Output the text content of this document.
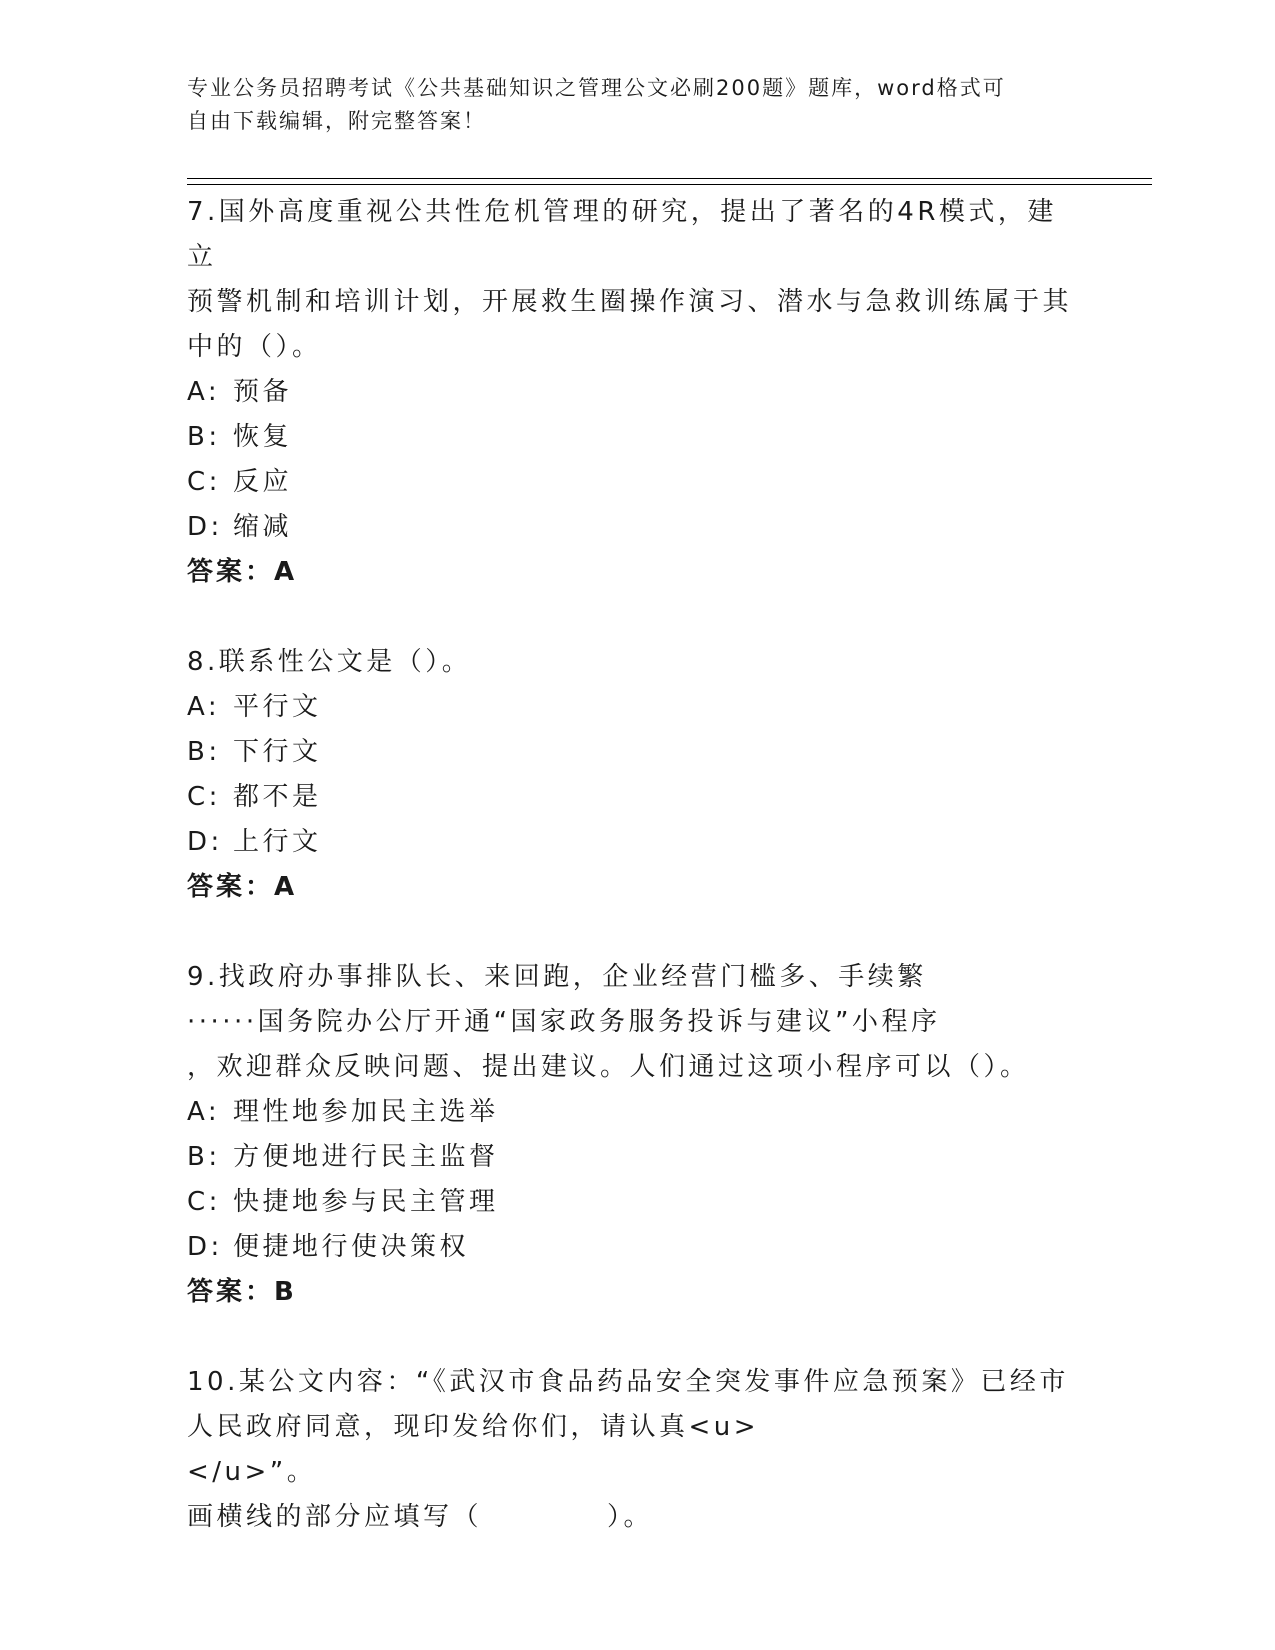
专业公务员招聘考试《公共基础知识之管理公文必刷200题》题库，word格式可
自由下载编辑，附完整答案！
7.国外高度重视公共性危机管理的研究，提出了著名的4R模式，建立
预警机制和培训计划，开展救生圈操作演习、潜水与急救训练属于其
中的（）。
A: 预备
B: 恢复
C: 反应
D: 缩减
答案：A
8.联系性公文是（）。
A: 平行文
B: 下行文
C: 都不是
D: 上行文
答案：A
9.找政府办事排队长、来回跑，企业经营门槛多、手续繁
······国务院办公厅开通“国家政务服务投诉与建议”小程序
，欢迎群众反映问题、提出建议。人们通过这项小程序可以（）。
A: 理性地参加民主选举
B: 方便地进行民主监督
C: 快捷地参与民主管理
D: 便捷地行使决策权
答案：B
10.某公文内容：“《武汉市食品药品安全突发事件应急预案》已经市
人民政府同意，现印发给你们，请认真<u></u>”。
画横线的部分应填写（	）。
